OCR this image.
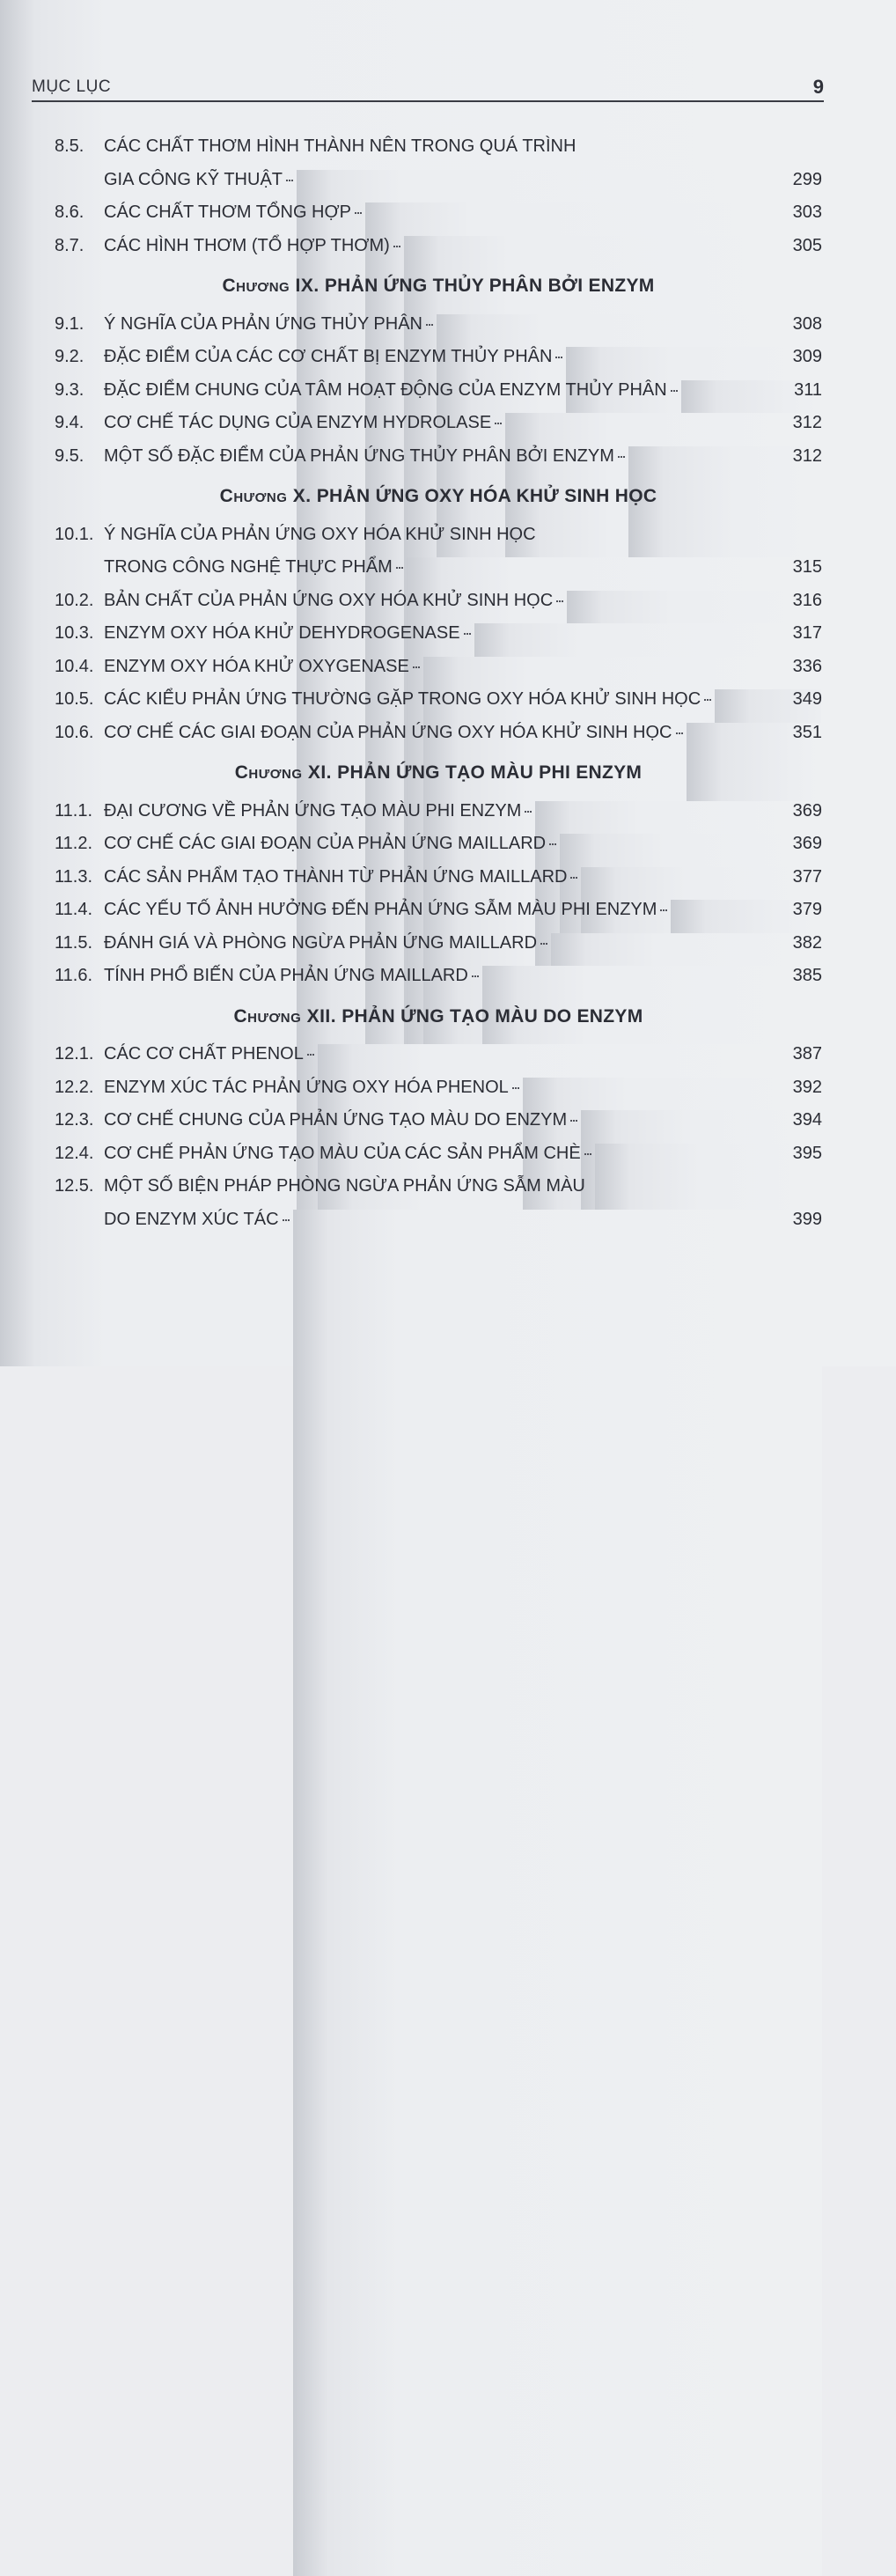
MỤC LỤC	9
8.5.	CÁC CHẤT THƠM HÌNH THÀNH NÊN TRONG QUÁ TRÌNH
GIA CÔNG KỸ THUẬT	299
8.6.	CÁC CHẤT THƠM TỔNG HỢP	303
8.7.	CÁC HÌNH THƠM (TỔ HỢP THƠM)	305
Chương IX. PHẢN ỨNG THỦY PHÂN BỞI ENZYM
9.1.	Ý NGHĨA CỦA PHẢN ỨNG THỦY PHÂN	308
9.2.	ĐẶC ĐIỂM CỦA CÁC CƠ CHẤT BỊ ENZYM THỦY PHÂN	309
9.3.	ĐẶC ĐIỂM CHUNG CỦA TÂM HOẠT ĐỘNG CỦA ENZYM THỦY PHÂN	311
9.4.	CƠ CHẾ TÁC DỤNG CỦA ENZYM HYDROLASE	312
9.5.	MỘT SỐ ĐẶC ĐIỂM CỦA PHẢN ỨNG THỦY PHÂN BỞI ENZYM	312
Chương X. PHẢN ỨNG OXY HÓA KHỬ SINH HỌC
10.1. Ý NGHĨA CỦA PHẢN ỨNG OXY HÓA KHỬ SINH HỌC
TRONG CÔNG NGHỆ THỰC PHẨM	315
10.2. BẢN CHẤT CỦA PHẢN ỨNG OXY HÓA KHỬ SINH HỌC	316
10.3. ENZYM OXY HÓA KHỬ DEHYDROGENASE	317
10.4. ENZYM OXY HÓA KHỬ OXYGENASE	336
10.5. CÁC KIỂU PHẢN ỨNG THƯỜNG GẶP TRONG OXY HÓA KHỬ SINH HỌC	349
10.6. CƠ CHẾ CÁC GIAI ĐOẠN CỦA PHẢN ỨNG OXY HÓA KHỬ SINH HỌC	351
Chương XI. PHẢN ỨNG TẠO MÀU PHI ENZYM
11.1. ĐẠI CƯƠNG VỀ PHẢN ỨNG TẠO MÀU PHI ENZYM	369
11.2. CƠ CHẾ CÁC GIAI ĐOẠN CỦA PHẢN ỨNG MAILLARD	369
11.3. CÁC SẢN PHẨM TẠO THÀNH TỪ PHẢN ỨNG MAILLARD	377
11.4. CÁC YẾU TỐ ẢNH HƯỞNG ĐẾN PHẢN ỨNG SẪM MÀU PHI ENZYM	379
11.5. ĐÁNH GIÁ VÀ PHÒNG NGỪA PHẢN ỨNG MAILLARD	382
11.6. TÍNH PHỔ BIẾN CỦA PHẢN ỨNG MAILLARD	385
Chương XII. PHẢN ỨNG TẠO MÀU DO ENZYM
12.1. CÁC CƠ CHẤT PHENOL	387
12.2. ENZYM XÚC TÁC PHẢN ỨNG OXY HÓA PHENOL	392
12.3. CƠ CHẾ CHUNG CỦA PHẢN ỨNG TẠO MÀU DO ENZYM	394
12.4. CƠ CHẾ PHẢN ỨNG TẠO MÀU CỦA CÁC SẢN PHẨM CHÈ	395
12.5. MỘT SỐ BIỆN PHÁP PHÒNG NGỪA PHẢN ỨNG SẪM MÀU
DO ENZYM XÚC TÁC	399
